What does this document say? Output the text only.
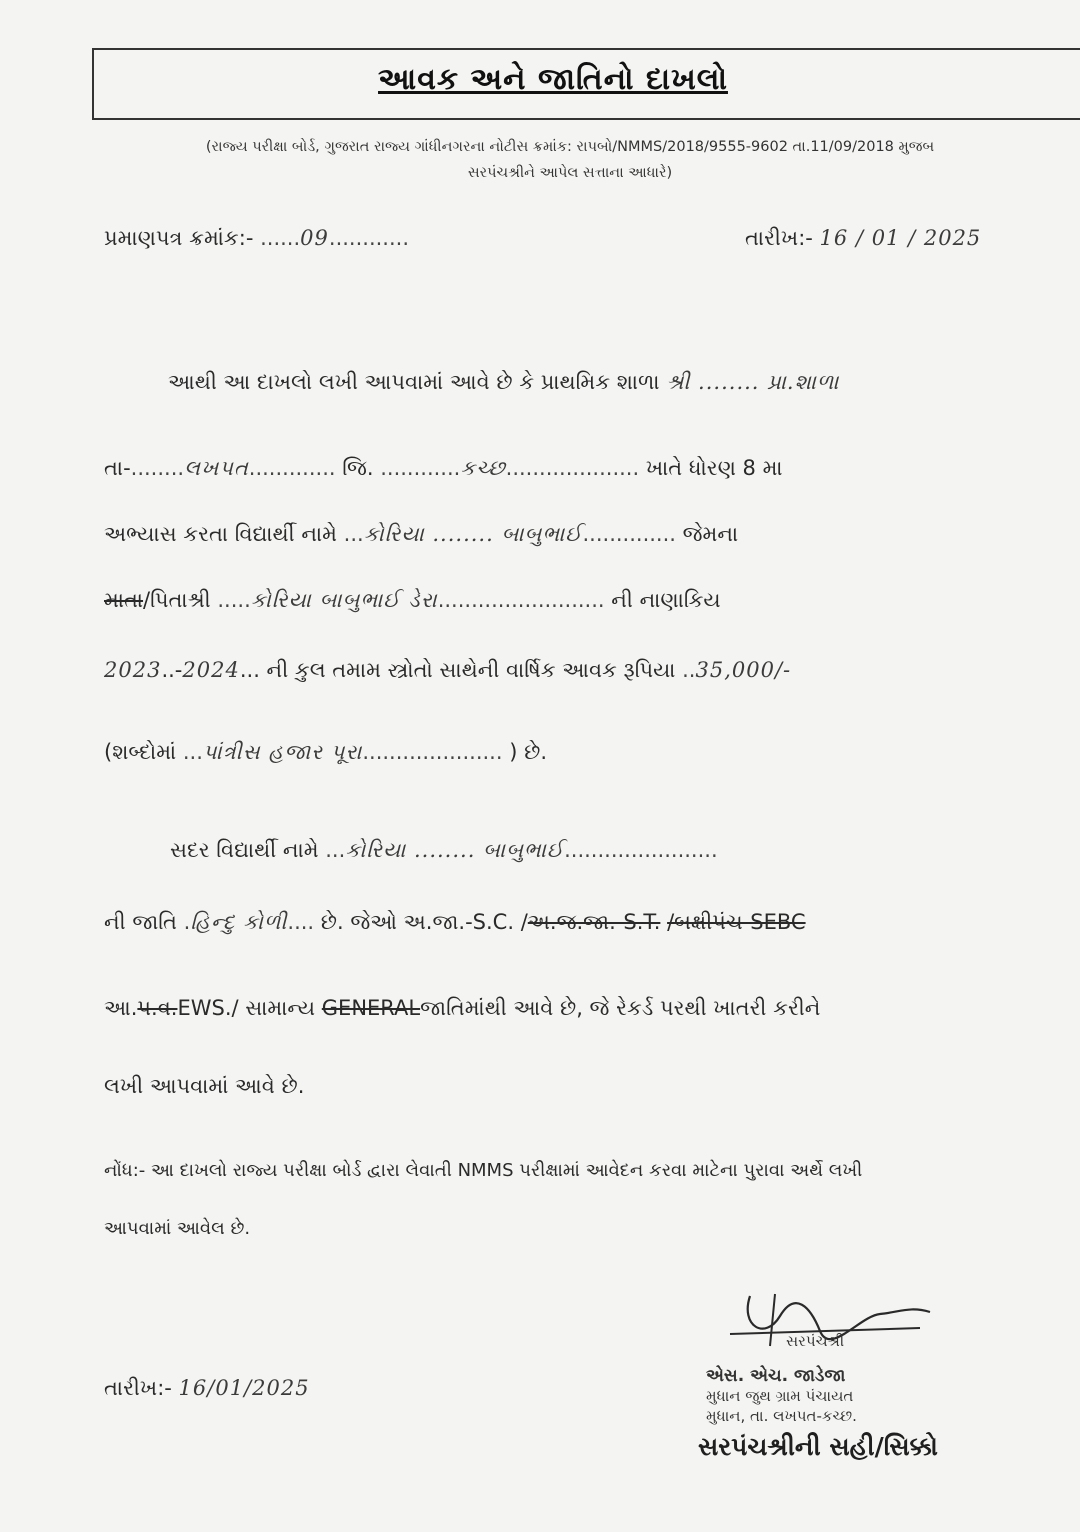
આવક અને જાતિનો દાખલો
(રાજ્ય પરીક્ષા બોર્ડ, ગુજરાત રાજ્ય ગાંધીનગરના નોટીસ ક્રમાંક: રાપબો/NMMS/2018/9555-9602 તા.11/09/2018 મુજબ
સરપંચશ્રીને આપેલ સત્તાના આધારે)
પ્રમાણપત્ર ક્રમાંક:- ......09............	તારીખ:- 16 / 01 / 2025
આથી આ દાખલો લખી આપવામાં આવે છે કે પ્રાથમિક શાળા શ્રી ........ પ્રા.શાળા
તા-........લખપત............. જિ. ............કચ્છ.................... ખાતે ધોરણ 8 મા
અભ્યાસ કરતા વિદ્યાર્થી નામે ...કોરિયા ........ બાબુભાઈ.............. જેમના
માતા/પિતાશ્રી .....કોરિયા બાબુભાઈ ડેરા......................... ની નાણાકિય
2023..-2024... ની કુલ તમામ સ્ત્રોતો સાથેની વાર્ષિક આવક રૂપિયા ..35,000/-
(શબ્દોમાં ...પાંત્રીસ હજાર પૂરા..................... ) છે.
સદર વિદ્યાર્થી નામે ...કોરિયા ........ બાબુભાઈ.......................
ની જાતિ .હિન્દુ કોળી.... છે. જેઓ અ.જા.-S.C. /અ.જ.જા.-S.T. /બક્ષીપંચ-SEBC
આ.પ.વ.EWS./ સામાન્ય GENERALજાતિમાંથી આવે છે, જે રેકર્ડ પરથી ખાતરી કરીને
લખી આપવામાં આવે છે.
નોંધ:- આ દાખલો રાજ્ય પરીક્ષા બોર્ડ દ્વારા લેવાતી NMMS પરીક્ષામાં આવેદન કરવા માટેના પુરાવા અર્થે લખી
આપવામાં આવેલ છે.
તારીખ:- 16/01/2025
સરપંચશ્રી
એસ. એચ. જાડેજા
મુધાન જુથ ગ્રામ પંચાયત
મુધાન, તા. લખપત-કચ્છ.
સરપંચશ્રીની સહી/સિક્કો
